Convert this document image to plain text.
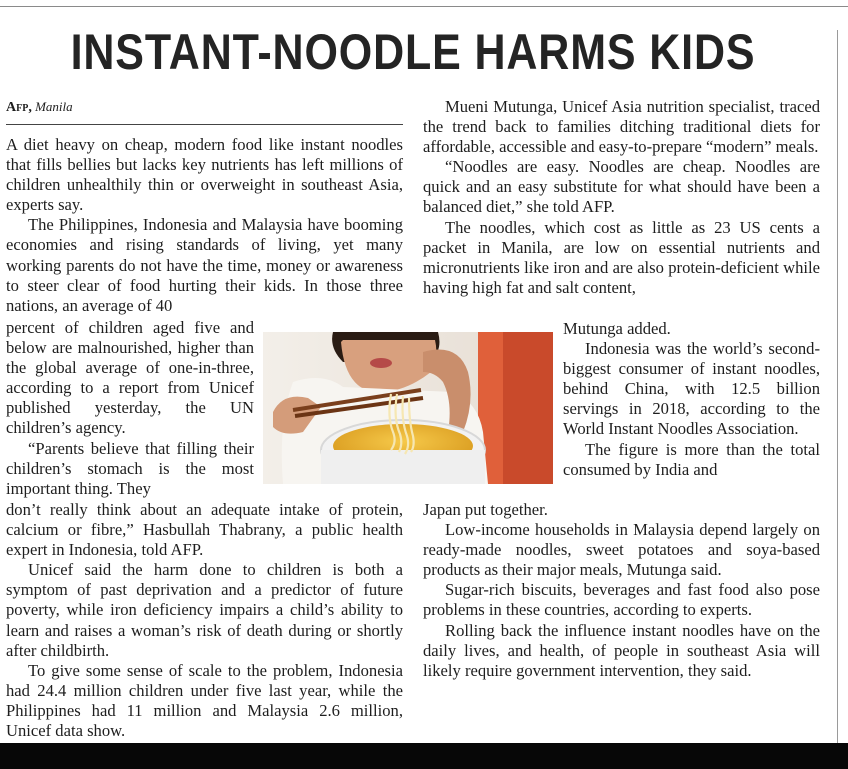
INSTANT-NOODLE HARMS KIDS
Afp, Manila

A diet heavy on cheap, modern food like instant noodles that fills bellies but lacks key nutrients has left millions of children unhealthily thin or overweight in southeast Asia, experts say.

The Philippines, Indonesia and Malaysia have booming economies and rising standards of living, yet many working parents do not have the time, money or awareness to steer clear of food hurting their kids. In those three nations, an average of 40

percent of children aged five and below are malnourished, higher than the global average of one-in-three, according to a report from Unicef published yesterday, the UN children’s agency.

“Parents believe that filling their children’s stomach is the most important thing. They

don’t really think about an adequate intake of protein, calcium or fibre,” Hasbullah Thabrany, a public health expert in Indonesia, told AFP.

Unicef said the harm done to children is both a symptom of past deprivation and a predictor of future poverty, while iron deficiency impairs a child’s ability to learn and raises a woman’s risk of death during or shortly after childbirth.

To give some sense of scale to the problem, Indonesia had 24.4 million children under five last year, while the Philippines had 11 million and Malaysia 2.6 million, Unicef data show.

Mueni Mutunga, Unicef Asia nutrition specialist, traced the trend back to families ditching traditional diets for affordable, accessible and easy-to-prepare “modern” meals.

“Noodles are easy. Noodles are cheap. Noodles are quick and an easy substitute for what should have been a balanced diet,” she told AFP.

The noodles, which cost as little as 23 US cents a packet in Manila, are low on essential nutrients and micronutrients like iron and are also protein-deficient while having high fat and salt content,

Mutunga added.

Indonesia was the world’s second-biggest consumer of instant noodles, behind China, with 12.5 billion servings in 2018, according to the World Instant Noodles Association.

The figure is more than the total consumed by India and

Japan put together.

Low-income households in Malaysia depend largely on ready-made noodles, sweet potatoes and soya-based products as their major meals, Mutunga said.

Sugar-rich biscuits, beverages and fast food also pose problems in these countries, according to experts.

Rolling back the influence instant noodles have on the daily lives, and health, of people in southeast Asia will likely require government intervention, they said.
